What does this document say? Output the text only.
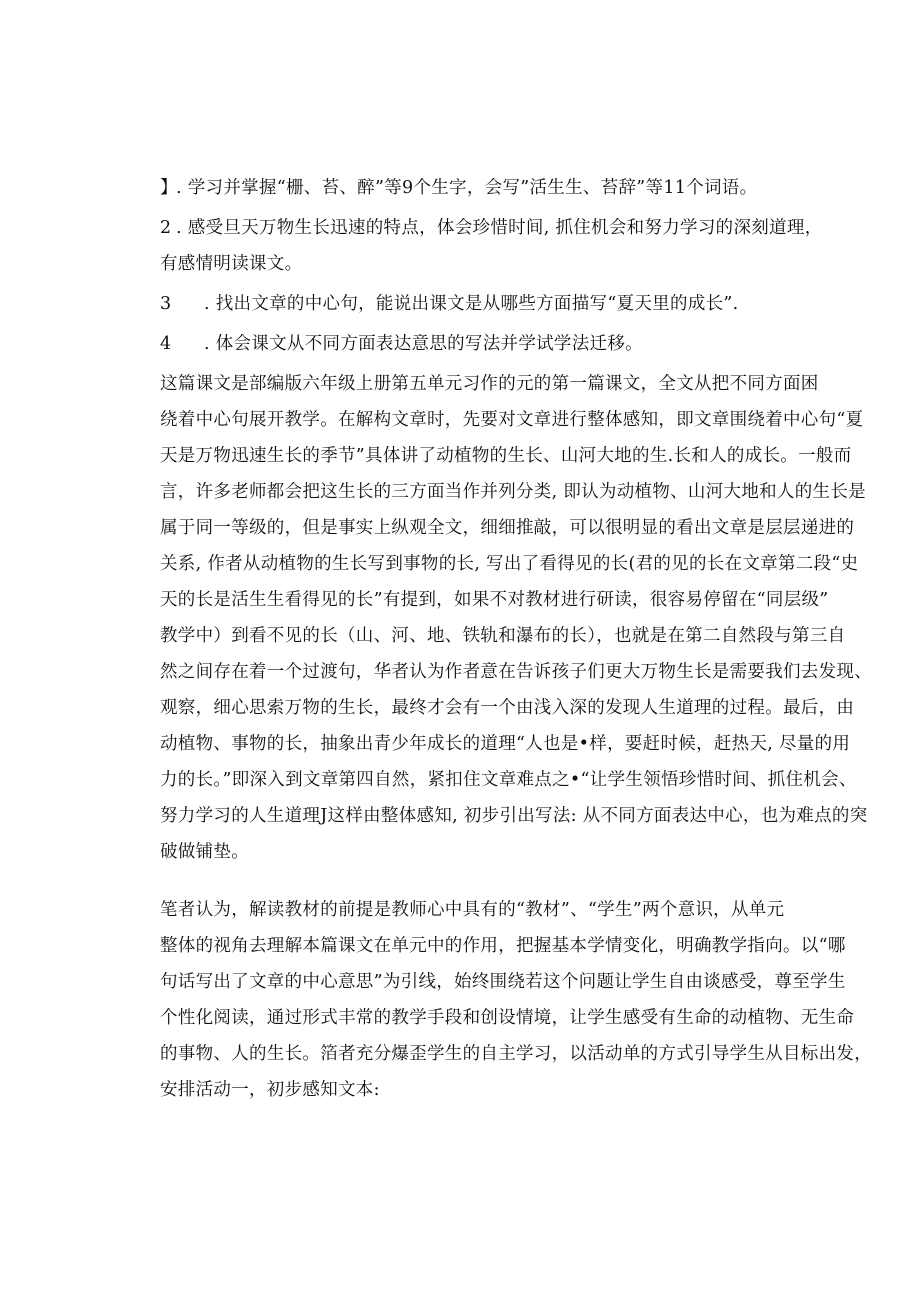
】. 学习并掌握“栅、苔、醉”等9个生字，会写”活生生、苔辞”等11个词语。

2 . 感受旦天万物生长迅速的特点，体会珍惜时间, 抓住机会和努力学习的深刻道理，

有感情明读课文。

3 . 找出文章的中心句，能说出课文是从哪些方面描写“夏天里的成长”.

4 . 体会课文从不同方面表达意思的写法并学试学法迁移。

这篇课文是部编版六年级上册第五单元习作的元的第一篇课文，全文从把不同方面困

绕着中心句展开教学。在解构文章时，先要对文章进行整体感知，即文章围绕着中心句“夏

天是万物迅速生长的季节”具体讲了动植物的生长、山河大地的生.长和人的成长。一般而

言，许多老师都会把这生长的三方面当作并列分类, 即认为动植物、山河大地和人的生长是

属于同一等级的，但是事实上纵观全文，细细推敲，可以很明显的看出文章是层层递进的

关系, 作者从动植物的生长写到事物的长, 写出了看得见的长(君的见的长在文章第二段“史

天的长是活生生看得见的长”有提到，如果不对教材进行研读，很容易停留在“同层级”

教学中）到看不见的长（山、河、地、铁轨和瀑布的长），也就是在第二自然段与第三自

然之间存在着一个过渡句，华者认为作者意在告诉孩子们更大万物生长是需要我们去发现、

观察，细心思索万物的生长，最终才会有一个由浅入深的发现人生道理的过程。最后，由

动植物、事物的长，抽象出青少年成长的道理“人也是•样，要赶时候，赶热天, 尽量的用

力的长。”即深入到文章第四自然，紧扣住文章难点之•“让学生领悟珍惜时间、抓住机会、

努力学习的人生道理J这样由整体感知, 初步引出写法: 从不同方面表达中心，也为难点的突

破做铺垫。

笔者认为，解读教材的前提是教师心中具有的“教材”、“学生”两个意识，从单元

整体的视角去理解本篇课文在单元中的作用，把握基本学情变化，明确教学指向。以“哪

句话写出了文章的中心意思”为引线，始终围绕若这个问题让学生自由谈感受，尊至学生

个性化阅读，通过形式丰常的教学手段和创设情境，让学生感受有生命的动植物、无生命

的事物、人的生长。箔者充分爆歪学生的自主学习，以活动单的方式引导学生从目标出发，

安排活动一，初步感知文本:
